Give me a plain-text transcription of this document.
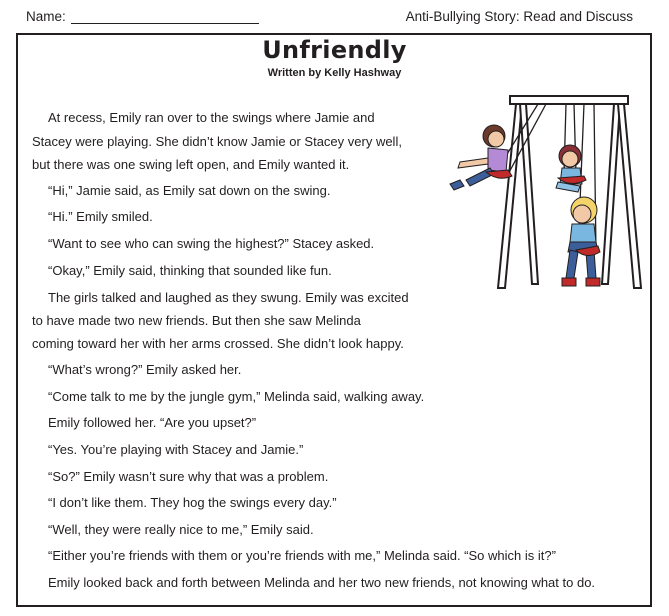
Name:	Anti-Bullying Story: Read and Discuss
Unfriendly
Written by Kelly Hashway

At recess, Emily ran over to the swings where Jamie and

Stacey were playing. She didn’t know Jamie or Stacey very well,

but there was one swing left open, and Emily wanted it.

“Hi,” Jamie said, as Emily sat down on the swing.

“Hi.” Emily smiled.

“Want to see who can swing the highest?” Stacey asked.

“Okay,” Emily said, thinking that sounded like fun.

The girls talked and laughed as they swung. Emily was excited

to have made two new friends. But then she saw Melinda

coming toward her with her arms crossed. She didn’t look happy.

“What’s wrong?” Emily asked her.

“Come talk to me by the jungle gym,” Melinda said, walking away.

Emily followed her. “Are you upset?”

“Yes. You’re playing with Stacey and Jamie.”

“So?” Emily wasn’t sure why that was a problem.

“I don’t like them. They hog the swings every day.”

“Well, they were really nice to me,” Emily said.

“Either you’re friends with them or you’re friends with me,” Melinda said. “So which is it?”

Emily looked back and forth between Melinda and her two new friends, not knowing what to do.
